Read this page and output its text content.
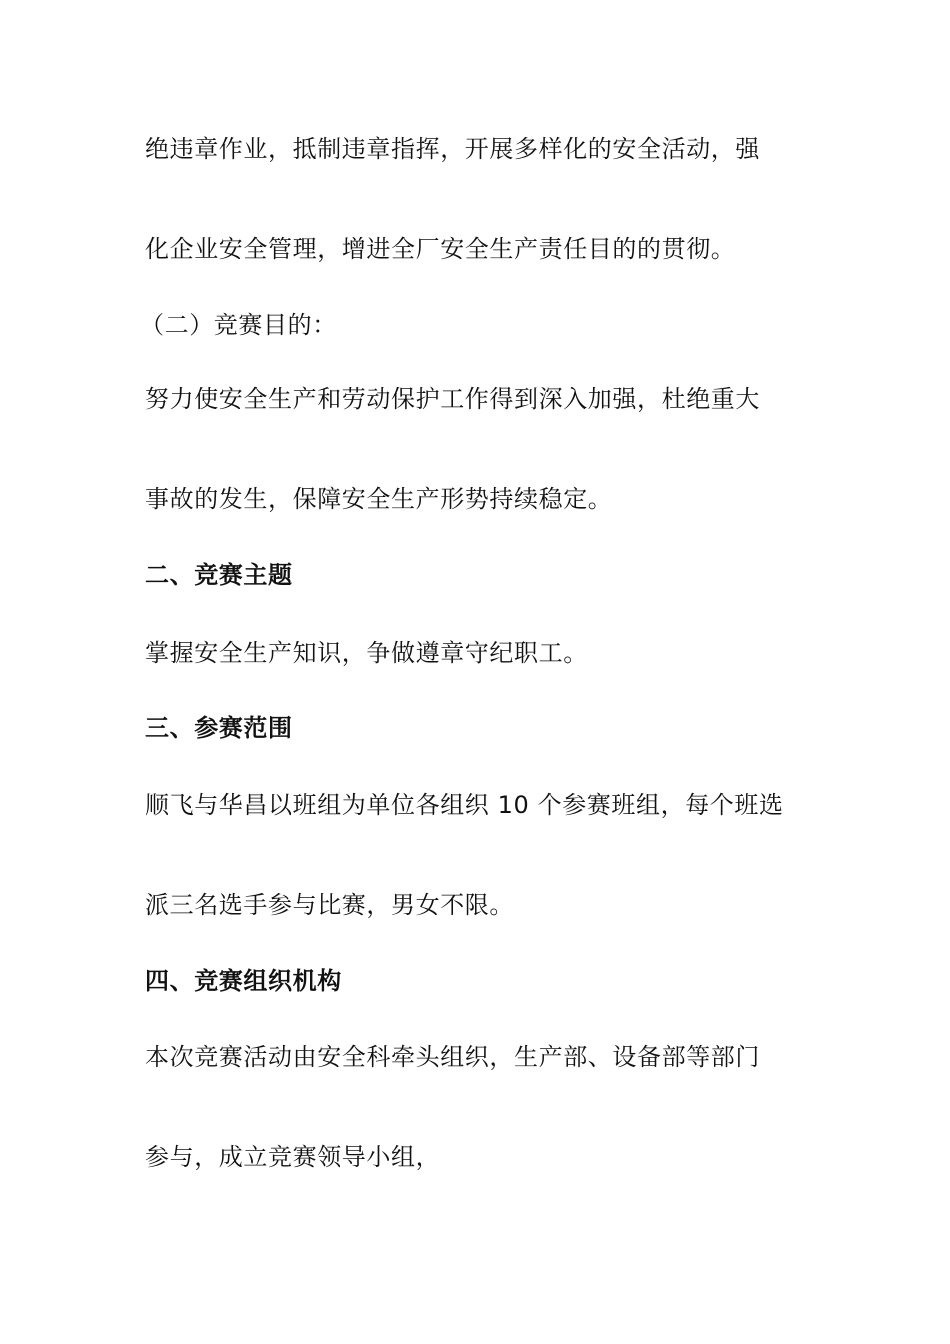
绝违章作业，抵制违章指挥，开展多样化的安全活动，强
化企业安全管理，增进全厂安全生产责任目的的贯彻。
（二）竞赛目的：
努力使安全生产和劳动保护工作得到深入加强，杜绝重大
事故的发生，保障安全生产形势持续稳定。
二、竞赛主题
掌握安全生产知识，争做遵章守纪职工。
三、参赛范围
顺飞与华昌以班组为单位各组织 10 个参赛班组，每个班选
派三名选手参与比赛，男女不限。
四、竞赛组织机构
本次竞赛活动由安全科牵头组织，生产部、设备部等部门
参与，成立竞赛领导小组，
